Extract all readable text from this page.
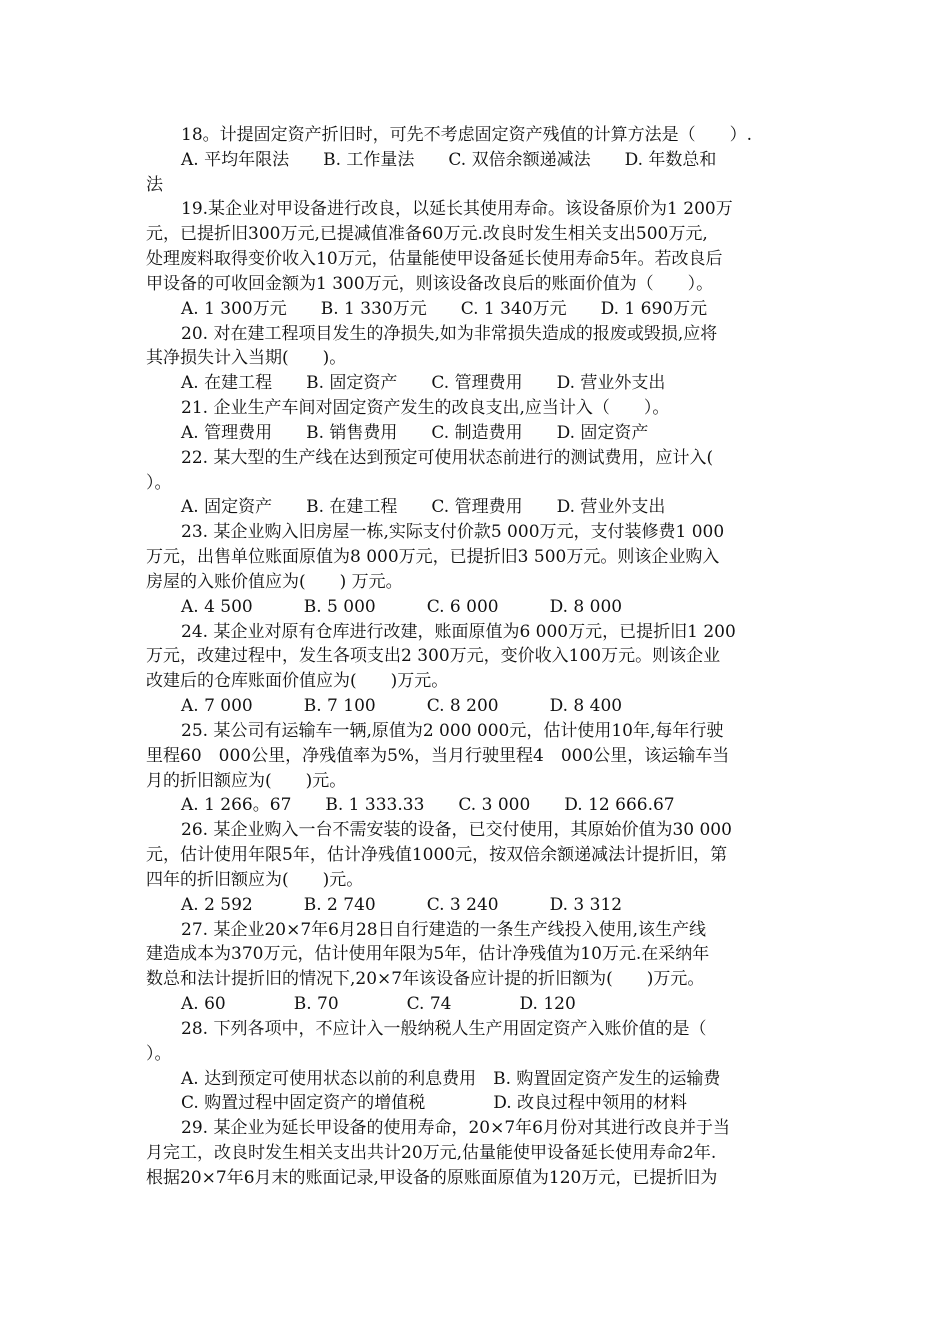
18。计提固定资产折旧时，可先不考虑固定资产残值的计算方法是（　　）.
A. 平均年限法　　B. 工作量法　　C. 双倍余额递减法　　D. 年数总和
法
19.某企业对甲设备进行改良，以延长其使用寿命。该设备原价为1 200万
元，已提折旧300万元,已提减值准备60万元.改良时发生相关支出500万元,
处理废料取得变价收入10万元，估量能使甲设备延长使用寿命5年。若改良后
甲设备的可收回金额为1 300万元，则该设备改良后的账面价值为（　　）。
A. 1 300万元　　B. 1 330万元　　C. 1 340万元　　D. 1 690万元
20. 对在建工程项目发生的净损失,如为非常损失造成的报废或毁损,应将
其净损失计入当期(　　)。
A. 在建工程　　B. 固定资产　　C. 管理费用　　D. 营业外支出
21. 企业生产车间对固定资产发生的改良支出,应当计入（　　）。
A. 管理费用　　B. 销售费用　　C. 制造费用　　D. 固定资产
22. 某大型的生产线在达到预定可使用状态前进行的测试费用，应计入(
）。
A. 固定资产　　B. 在建工程　　C. 管理费用　　D. 营业外支出
23. 某企业购入旧房屋一栋,实际支付价款5 000万元，支付装修费1 000
万元，出售单位账面原值为8 000万元，已提折旧3 500万元。则该企业购入
房屋的入账价值应为(　　) 万元。
A. 4 500　　　B. 5 000　　　C. 6 000　　　D. 8 000
24. 某企业对原有仓库进行改建，账面原值为6 000万元，已提折旧1 200
万元，改建过程中，发生各项支出2 300万元，变价收入100万元。则该企业
改建后的仓库账面价值应为(　　)万元。
A. 7 000　　　B. 7 100　　　C. 8 200　　　D. 8 400
25. 某公司有运输车一辆,原值为2 000 000元，估计使用10年,每年行驶
里程60　000公里，净残值率为5%，当月行驶里程4　000公里，该运输车当
月的折旧额应为(　　)元。
A. 1 266。67　　B. 1 333.33　　C. 3 000　　D. 12 666.67
26. 某企业购入一台不需安装的设备，已交付使用，其原始价值为30 000
元，估计使用年限5年，估计净残值1000元，按双倍余额递减法计提折旧，第
四年的折旧额应为(　　)元。
A. 2 592　　　B. 2 740　　　C. 3 240　　　D. 3 312
27. 某企业20×7年6月28日自行建造的一条生产线投入使用,该生产线
建造成本为370万元，估计使用年限为5年，估计净残值为10万元.在采纳年
数总和法计提折旧的情况下,20×7年该设备应计提的折旧额为(　　)万元。
A. 60　　　　B. 70　　　　C. 74　　　　D. 120
28. 下列各项中，不应计入一般纳税人生产用固定资产入账价值的是（
）。
A. 达到预定可使用状态以前的利息费用　B. 购置固定资产发生的运输费
C. 购置过程中固定资产的增值税　　　　D. 改良过程中领用的材料
29. 某企业为延长甲设备的使用寿命，20×7年6月份对其进行改良并于当
月完工，改良时发生相关支出共计20万元,估量能使甲设备延长使用寿命2年.
根据20×7年6月末的账面记录,甲设备的原账面原值为120万元，已提折旧为
